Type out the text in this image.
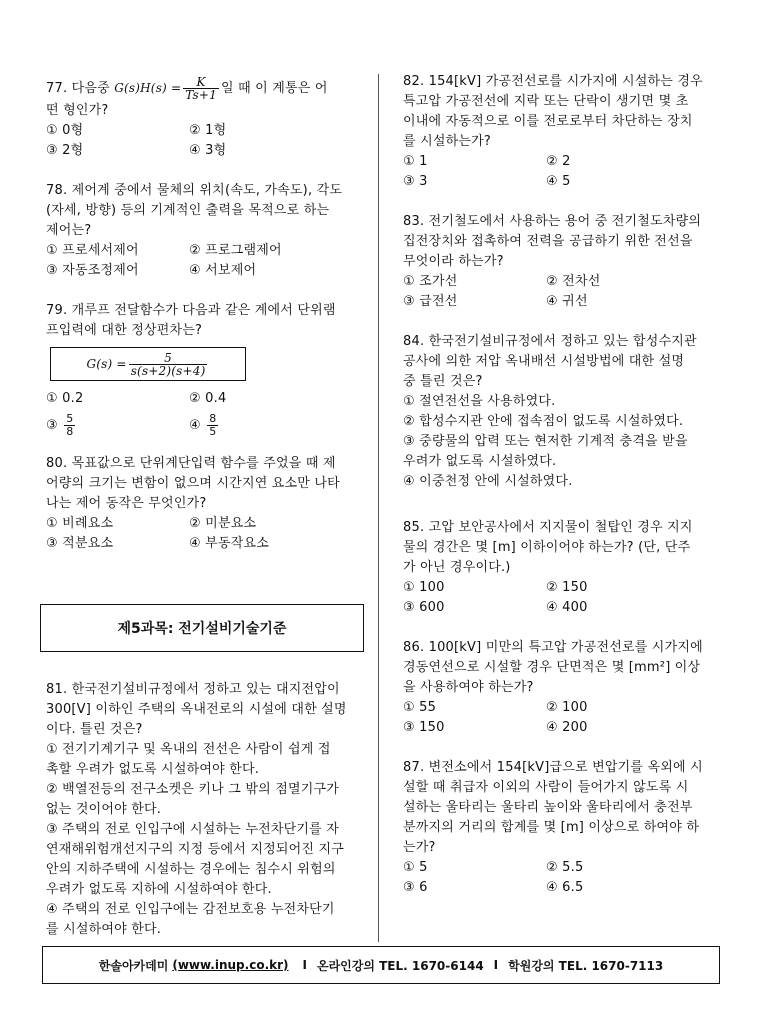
77. 다음중 $G(s)H(s) = \frac{K}{Ts+1}$ 일 때 이 계통은 어

떤 형인가?

① 0형	② 1형
③ 2형	④ 3형

78. 제어계 중에서 물체의 위치(속도, 가속도), 각도

(자세, 방향) 등의 기계적인 출력을 목적으로 하는

제어는?

① 프로세서제어	② 프로그램제어
③ 자동조정제어	④ 서보제어

79. 개루프 전달함수가 다음과 같은 계에서 단위램

프입력에 대한 정상편차는?

$G(s) = \frac{5}{s(s+2)(s+4)}$
① 0.2	② 0.4
③ $\frac{5}{8}$	④ $\frac{8}{5}$

80. 목표값으로 단위계단입력 함수를 주었을 때 제

어량의 크기는 변함이 없으며 시간지연 요소만 나타

나는 제어 동작은 무엇인가?

① 비례요소	② 미분요소
③ 적분요소	④ 부동작요소
제5과목: 전기설비기술기준

81. 한국전기설비규정에서 정하고 있는 대지전압이

300[V] 이하인 주택의 옥내전로의 시설에 대한 설명

이다. 틀린 것은?

① 전기기계기구 및 옥내의 전선은 사람이 쉽게 접

촉할 우려가 없도록 시설하여야 한다.

② 백열전등의 전구소켓은 키나 그 밖의 점멸기구가

없는 것이어야 한다.

③ 주택의 전로 인입구에 시설하는 누전차단기를 자

연재해위험개선지구의 지정 등에서 지정되어진 지구

안의 지하주택에 시설하는 경우에는 침수시 위험의

우려가 없도록 지하에 시설하여야 한다.

④ 주택의 전로 인입구에는 감전보호용 누전차단기

를 시설하여야 한다.

82. 154[kV] 가공전선로를 시가지에 시설하는 경우

특고압 가공전선에 지락 또는 단락이 생기면 몇 초

이내에 자동적으로 이를 전로로부터 차단하는 장치

를 시설하는가?

① 1	② 2
③ 3	④ 5

83. 전기철도에서 사용하는 용어 중 전기철도차량의

집전장치와 접촉하여 전력을 공급하기 위한 전선을

무엇이라 하는가?

① 조가선	② 전차선
③ 급전선	④ 귀선

84. 한국전기설비규정에서 정하고 있는 합성수지관

공사에 의한 저압 옥내배선 시설방법에 대한 설명

중 틀린 것은?

① 절연전선을 사용하였다.

② 합성수지관 안에 접속점이 없도록 시설하였다.

③ 중량물의 압력 또는 현저한 기계적 충격을 받을

우려가 없도록 시설하였다.

④ 이중천정 안에 시설하였다.

85. 고압 보안공사에서 지지물이 철탑인 경우 지지

물의 경간은 몇 [m] 이하이어야 하는가? (단, 단주

가 아닌 경우이다.)

① 100	② 150
③ 600	④ 400

86. 100[kV] 미만의 특고압 가공전선로를 시가지에

경동연선으로 시설할 경우 단면적은 몇 [mm²] 이상

을 사용하여야 하는가?

① 55	② 100
③ 150	④ 200

87. 변전소에서 154[kV]급으로 변압기를 옥외에 시

설할 때 취급자 이외의 사람이 들어가지 않도록 시

설하는 울타리는 울타리 높이와 울타리에서 충전부

분까지의 거리의 합계를 몇 [m] 이상으로 하여야 하

는가?

① 5	② 5.5
③ 6	④ 6.5
한솔아카데미 (www.inup.co.kr) I 온라인강의 TEL. 1670-6144 I 학원강의 TEL. 1670-7113
